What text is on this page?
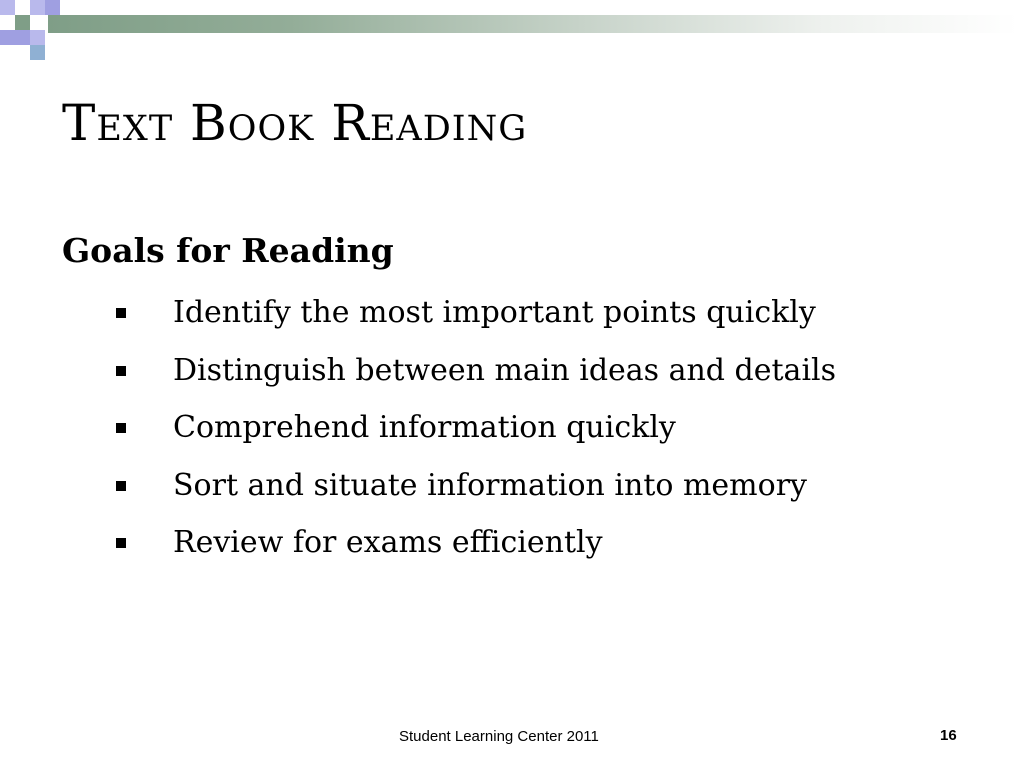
Text Book Reading
Goals for Reading
Identify the most important points quickly
Distinguish between main ideas and details
Comprehend information quickly
Sort and situate information into memory
Review for exams efficiently
Student Learning Center 2011	16
